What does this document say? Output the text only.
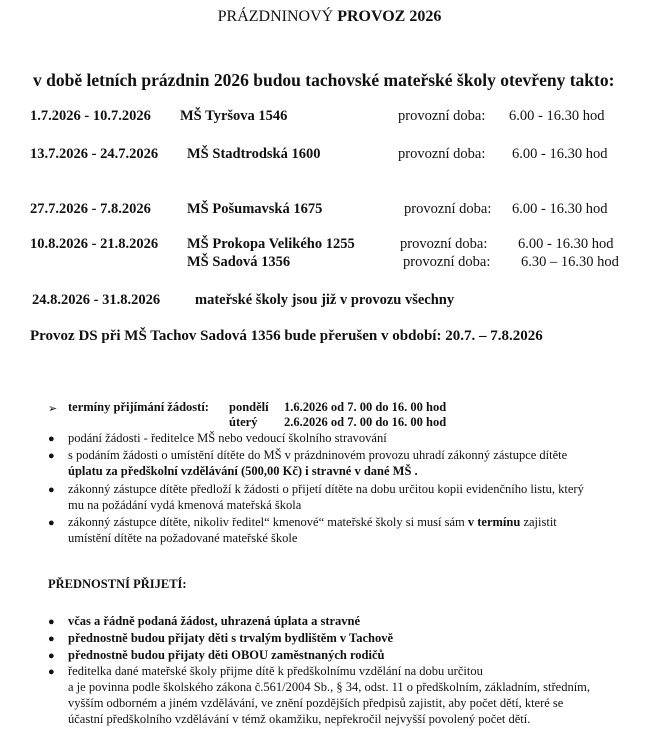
PRÁZDNINOVÝ PROVOZ 2026
v době letních prázdnin 2026 budou tachovské mateřské školy otevřeny takto:
1.7.2026 - 10.7.2026 MŠ Tyršova 1546	provozní doba: 6.00 - 16.30 hod
13.7.2026 - 24.7.2026 MŠ Stadtrodská 1600	provozní doba: 6.00 - 16.30 hod
27.7.2026 - 7.8.2026 MŠ Pošumavská 1675	provozní doba: 6.00 - 16.30 hod
10.8.2026 - 21.8.2026 MŠ Prokopa Velikého 1255	provozní doba: 6.00 - 16.30 hod
MŠ Sadová 1356	provozní doba: 6.30 – 16.30 hod
24.8.2026 - 31.8.2026 mateřské školy jsou již v provozu všechny
Provoz DS při MŠ Tachov Sadová 1356 bude přerušen v období: 20.7. – 7.8.2026
➢ termíny přijímání žádostí: pondělí 1.6.2026 od 7. 00 do 16. 00 hod
úterý 2.6.2026 od 7. 00 do 16. 00 hod
● podání žádosti - ředitelce MŠ nebo vedoucí školního stravování
● s podáním žádosti o umístění dítěte do MŠ v prázdninovém provozu uhradí zákonný zástupce dítěte
úplatu za předškolní vzdělávání (500,00 Kč) i stravné v dané MŠ .
● zákonný zástupce dítěte předloží k žádosti o přijetí dítěte na dobu určitou kopii evidenčního listu, který
mu na požádání vydá kmenová mateřská škola
● zákonný zástupce dítěte, nikoliv ředitel“ kmenové“ mateřské školy si musí sám v termínu zajistit
umístění dítěte na požadované mateřské škole
PŘEDNOSTNÍ PŘIJETÍ:
● včas a řádně podaná žádost, uhrazená úplata a stravné
● přednostně budou přijaty děti s trvalým bydlištěm v Tachově
● přednostně budou přijaty děti OBOU zaměstnaných rodičů
● ředitelka dané mateřské školy přijme dítě k předškolnímu vzdělání na dobu určitou
a je povinna podle školského zákona č.561/2004 Sb., § 34, odst. 11 o předškolním, základním, středním,
vyšším odborném a jiném vzdělávání, ve znění pozdějších předpisů zajistit, aby počet dětí, které se
účastní předškolního vzdělávání v témž okamžiku, nepřekročil nejvyšší povolený počet dětí.
